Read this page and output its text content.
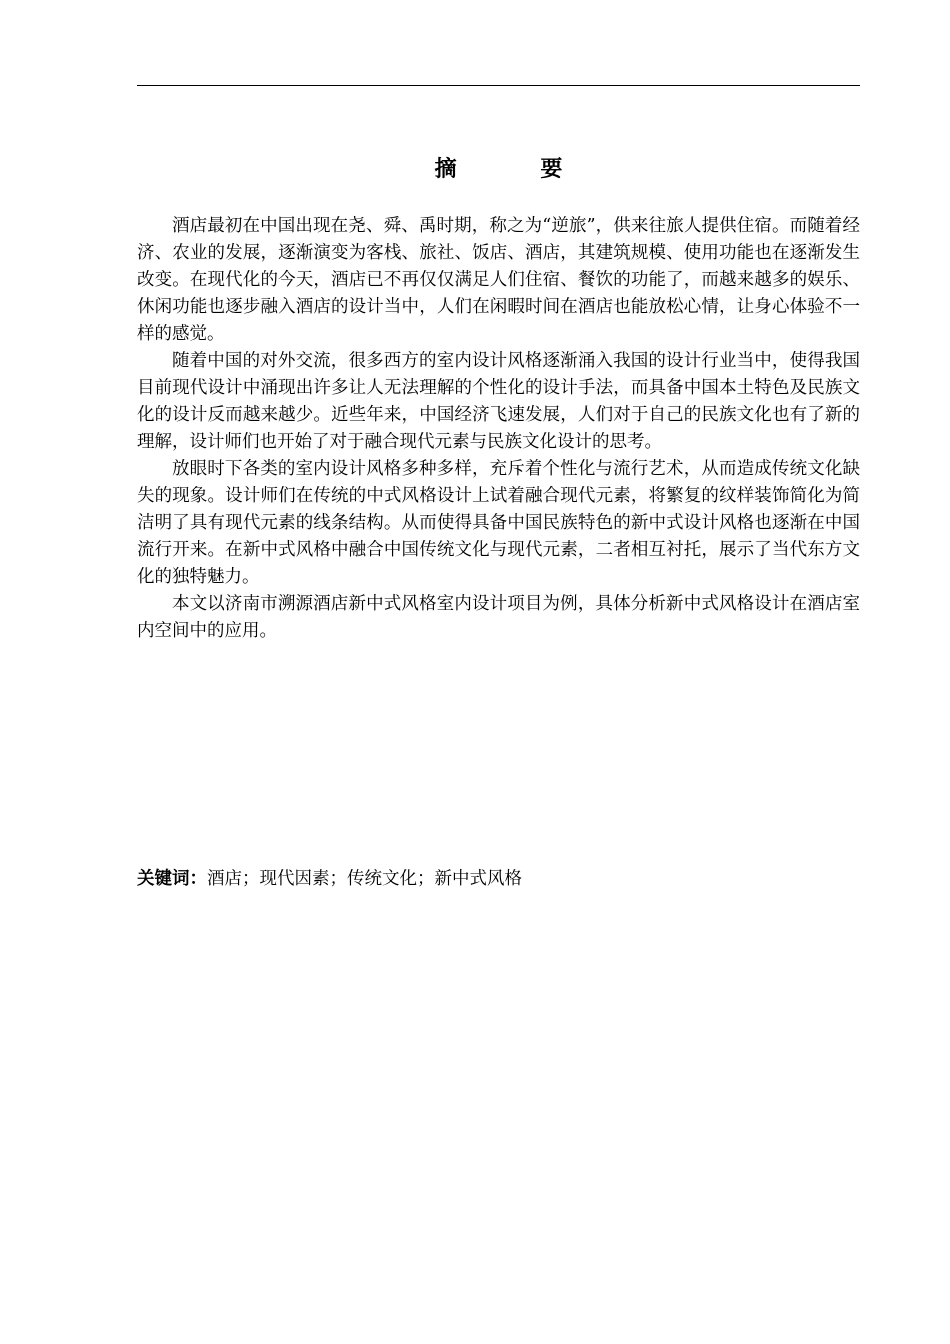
摘 要

酒店最初在中国出现在尧、舜、禹时期，称之为“逆旅”，供来往旅人提供住宿。而随着经济、农业的发展，逐渐演变为客栈、旅社、饭店、酒店，其建筑规模、使用功能也在逐渐发生改变。在现代化的今天，酒店已不再仅仅满足人们住宿、餐饮的功能了，而越来越多的娱乐、休闲功能也逐步融入酒店的设计当中，人们在闲暇时间在酒店也能放松心情，让身心体验不一样的感觉。

随着中国的对外交流，很多西方的室内设计风格逐渐涌入我国的设计行业当中，使得我国目前现代设计中涌现出许多让人无法理解的个性化的设计手法，而具备中国本土特色及民族文化的设计反而越来越少。近些年来，中国经济飞速发展，人们对于自己的民族文化也有了新的理解，设计师们也开始了对于融合现代元素与民族文化设计的思考。

放眼时下各类的室内设计风格多种多样，充斥着个性化与流行艺术，从而造成传统文化缺失的现象。设计师们在传统的中式风格设计上试着融合现代元素，将繁复的纹样装饰简化为简洁明了具有现代元素的线条结构。从而使得具备中国民族特色的新中式设计风格也逐渐在中国流行开来。在新中式风格中融合中国传统文化与现代元素，二者相互衬托，展示了当代东方文化的独特魅力。

本文以济南市溯源酒店新中式风格室内设计项目为例，具体分析新中式风格设计在酒店室内空间中的应用。

关键词：酒店；现代因素；传统文化；新中式风格
